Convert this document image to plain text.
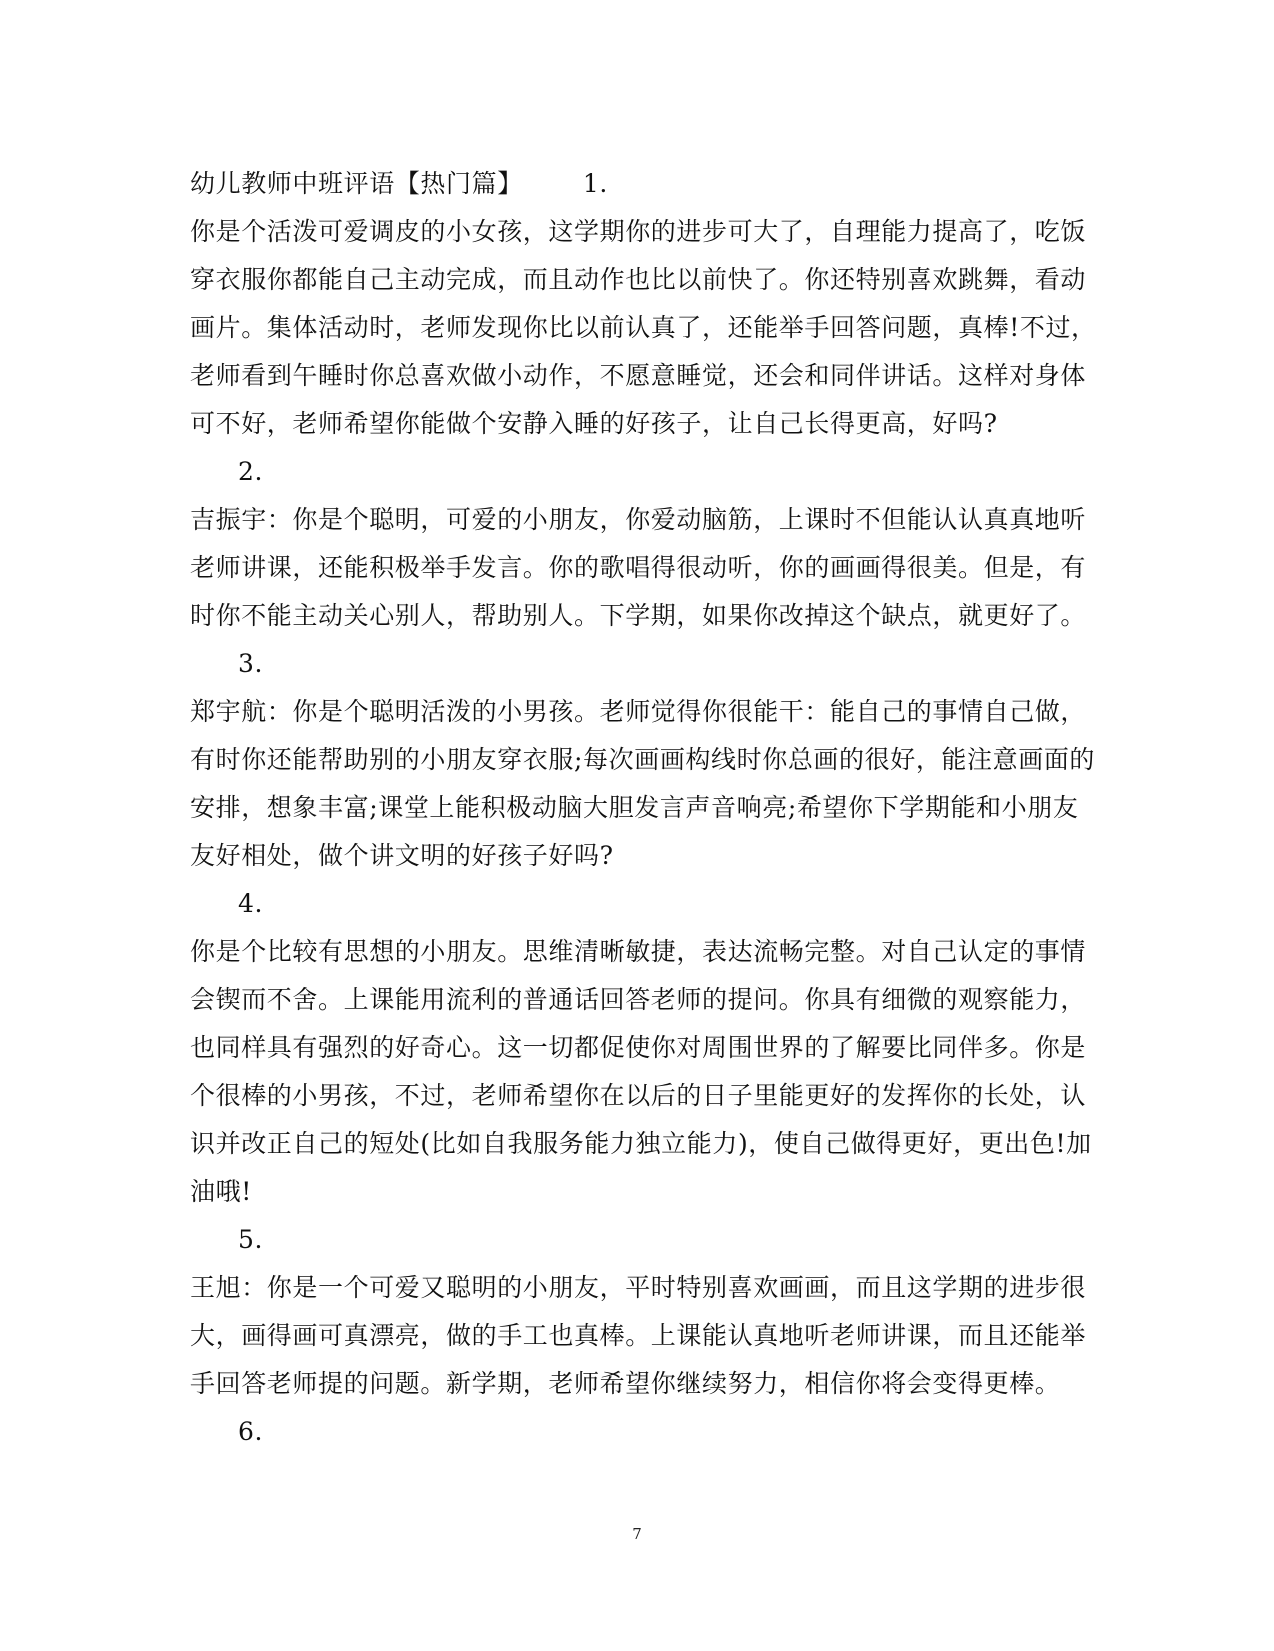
幼儿教师中班评语【热门篇】 1.
你是个活泼可爱调皮的小女孩，这学期你的进步可大了，自理能力提高了，吃饭
穿衣服你都能自己主动完成，而且动作也比以前快了。你还特别喜欢跳舞，看动
画片。集体活动时，老师发现你比以前认真了，还能举手回答问题，真棒!不过，
老师看到午睡时你总喜欢做小动作，不愿意睡觉，还会和同伴讲话。这样对身体
可不好，老师希望你能做个安静入睡的好孩子，让自己长得更高，好吗?
2.
吉振宇：你是个聪明，可爱的小朋友，你爱动脑筋，上课时不但能认认真真地听
老师讲课，还能积极举手发言。你的歌唱得很动听，你的画画得很美。但是，有
时你不能主动关心别人，帮助别人。下学期，如果你改掉这个缺点，就更好了。
3.
郑宇航：你是个聪明活泼的小男孩。老师觉得你很能干：能自己的事情自己做，
有时你还能帮助别的小朋友穿衣服;每次画画构线时你总画的很好，能注意画面的
安排，想象丰富;课堂上能积极动脑大胆发言声音响亮;希望你下学期能和小朋友
友好相处，做个讲文明的好孩子好吗?
4.
你是个比较有思想的小朋友。思维清晰敏捷，表达流畅完整。对自己认定的事情
会锲而不舍。上课能用流利的普通话回答老师的提问。你具有细微的观察能力，
也同样具有强烈的好奇心。这一切都促使你对周围世界的了解要比同伴多。你是
个很棒的小男孩，不过，老师希望你在以后的日子里能更好的发挥你的长处，认
识并改正自己的短处(比如自我服务能力独立能力)，使自己做得更好，更出色!加
油哦!
5.
王旭：你是一个可爱又聪明的小朋友，平时特别喜欢画画，而且这学期的进步很
大，画得画可真漂亮，做的手工也真棒。上课能认真地听老师讲课，而且还能举
手回答老师提的问题。新学期，老师希望你继续努力，相信你将会变得更棒。
6.
7
